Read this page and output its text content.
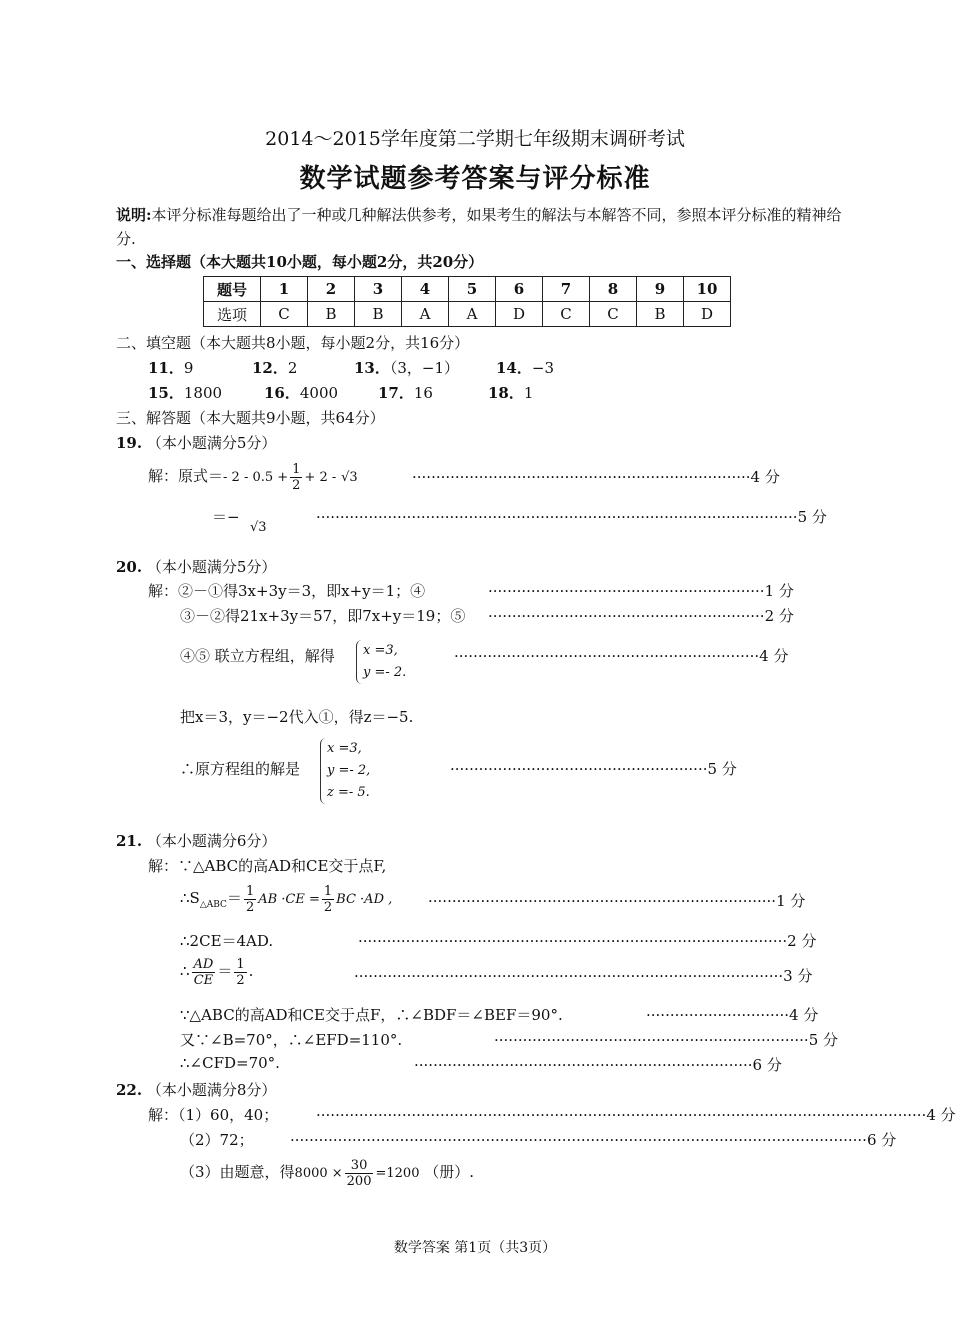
2014～2015学年度第二学期七年级期末调研考试
数学试题参考答案与评分标准
说明:本评分标准每题给出了一种或几种解法供参考，如果考生的解法与本解答不同，参照本评分标准的精神给分.
一、选择题（本大题共10小题，每小题2分，共20分）
题号	1	2	3	4	5	6	7	8	9	10
选项	C	B	B	A	A	D	C	C	B	D
二、填空题（本大题共8小题，每小题2分，共16分）
11．9	12．2	13．（3，−1） 14．−3
15．1800	16．4000	17．16	18．1
三、解答题（本大题共9小题，共64分）
19. （本小题满分5分）
解：原式＝- $2 - 0.5 + \frac{1}{2} + 2 - √3$	·······································································4 分
＝−
√3
·····································································································5 分
20. （本小题满分5分）
解：②－①得3x+3y＝3，即x+y＝1；④	··························································1 分
③－②得21x+3y＝57，即7x+y＝19；⑤ ··························································2 分
④⑤ 联立方程组，解得	x =3,
y =- 2.
································································4 分
把x＝3，y＝−2代入①，得z＝−5.
∴原方程组的解是
x =3,
y =- 2,
z =- 5.
······················································5 分
21. （本小题满分6分）
解：∵△ABC的高AD和CE交于点F,
$\therefore S_{\triangle ABC}= \frac{1}{2}$ AB $\cdot CE = \frac{1}{2}$ BC ·AD , ·········································································1 分
∴2CE＝4AD.	··························································································2 分
∴ $\frac{AD}{CE} = \frac{1}{2}$ .	··························································································3 分
∵△ABC的高AD和CE交于点F，∴∠BDF＝∠BEF＝90°.	······························4 分
又∵∠B=70°，∴∠EFD=110°.	··································································5 分
∴∠CFD=70°.	·······································································6 分
22. （本小题满分8分）
解：（1）60，40；	································································································································4 分
（2）72； ·························································································································6 分
（3）由题意，得$8000 \times \frac{30}{200} =1200$ （册）.
数学答案 第1页（共3页）
